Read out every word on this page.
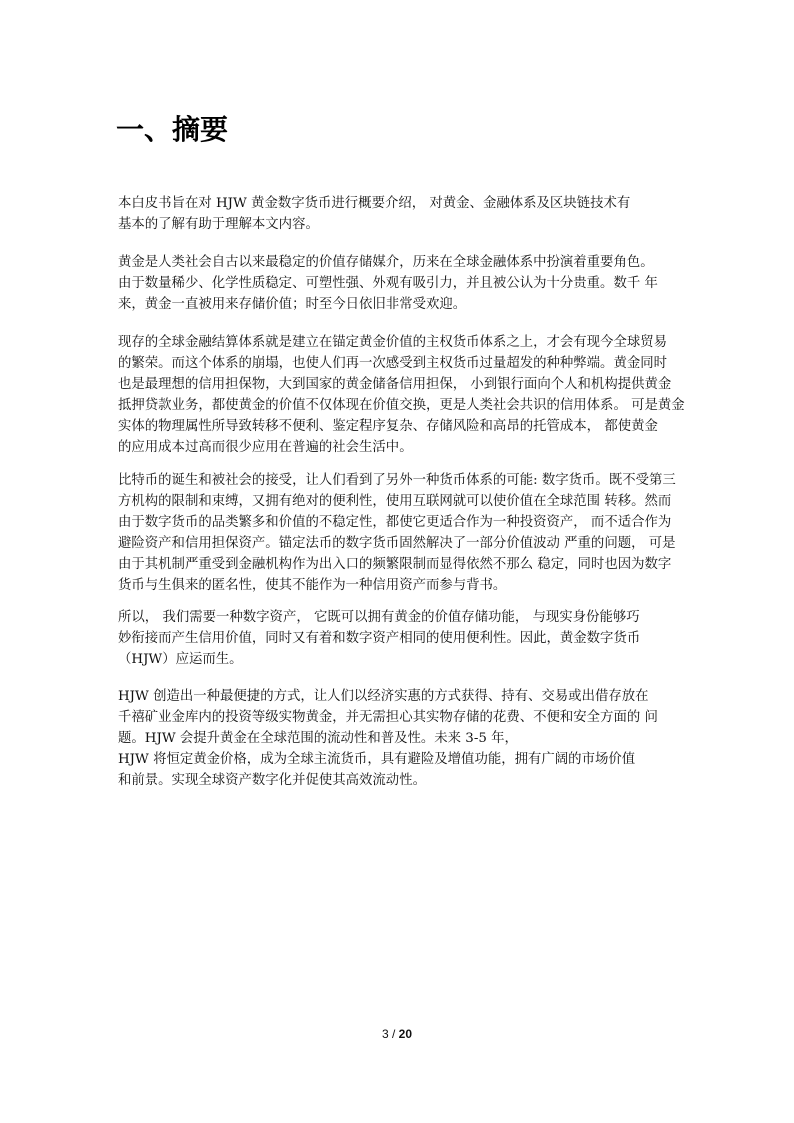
一、摘要
本白皮书旨在对 HJW 黄金数字货币进行概要介绍， 对黄金、金融体系及区块链技术有
基本的了解有助于理解本文内容。
黄金是人类社会自古以来最稳定的价值存储媒介，历来在全球金融体系中扮演着重要角色。
由于数量稀少、化学性质稳定、可塑性强、外观有吸引力，并且被公认为十分贵重。数千 年
来，黄金一直被用来存储价值；时至今日依旧非常受欢迎。
现存的全球金融结算体系就是建立在锚定黄金价值的主权货币体系之上，才会有现今全球贸易
的繁荣。而这个体系的崩塌，也使人们再一次感受到主权货币过量超发的种种弊端。黄金同时
也是最理想的信用担保物，大到国家的黄金储备信用担保， 小到银行面向个人和机构提供黄金
抵押贷款业务，都使黄金的价值不仅体现在价值交换，更是人类社会共识的信用体系。 可是黄金
实体的物理属性所导致转移不便利、鉴定程序复杂、存储风险和高昂的托管成本， 都使黄金
的应用成本过高而很少应用在普遍的社会生活中。
比特币的诞生和被社会的接受，让人们看到了另外一种货币体系的可能: 数字货币。既不受第三
方机构的限制和束缚，又拥有绝对的便利性，使用互联网就可以使价值在全球范围 转移。然而
由于数字货币的品类繁多和价值的不稳定性，都使它更适合作为一种投资资产， 而不适合作为
避险资产和信用担保资产。锚定法币的数字货币固然解决了一部分价值波动 严重的问题， 可是
由于其机制严重受到金融机构作为出入口的频繁限制而显得依然不那么 稳定，同时也因为数字
货币与生俱来的匿名性，使其不能作为一种信用资产而参与背书。
所以， 我们需要一种数字资产， 它既可以拥有黄金的价值存储功能， 与现实身份能够巧
妙衔接而产生信用价值，同时又有着和数字资产相同的使用便利性。因此，黄金数字货币
（HJW）应运而生。
HJW 创造出一种最便捷的方式，让人们以经济实惠的方式获得、持有、交易或出借存放在
千禧矿业金库内的投资等级实物黄金，并无需担心其实物存储的花费、不便和安全方面的 问
题。HJW 会提升黄金在全球范围的流动性和普及性。未来 3-5 年，
HJW 将恒定黄金价格，成为全球主流货币，具有避险及增值功能，拥有广阔的市场价值
和前景。实现全球资产数字化并促使其高效流动性。
3 / 20
